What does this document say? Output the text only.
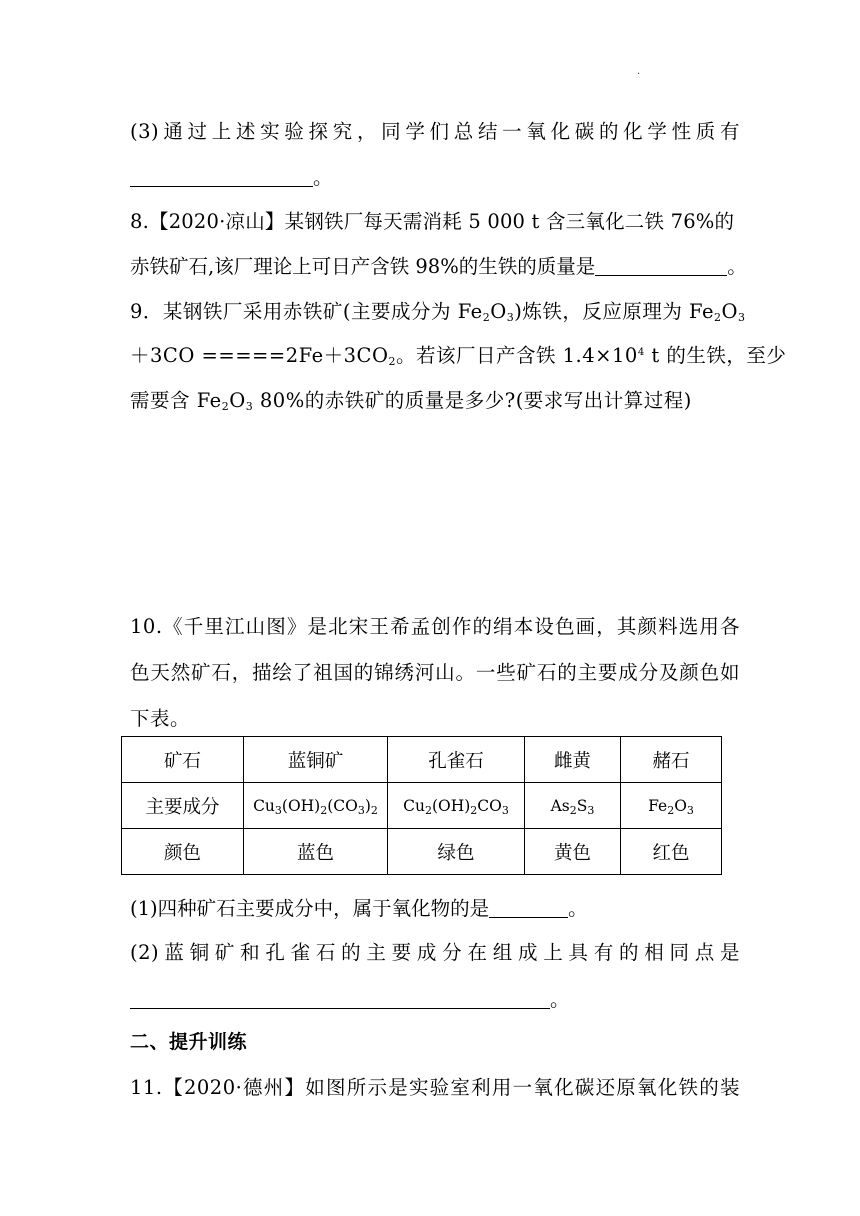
.
(3)通过上述实验探究，同学们总结一氧化碳的化学性质有
。
8.【2020·凉山】某钢铁厂每天需消耗 5 000 t 含三氧化二铁 76%的
赤铁矿石,该厂理论上可日产含铁 98%的生铁的质量是	。
9．某钢铁厂采用赤铁矿(主要成分为 $Fe_2O_3$)炼铁，反应原理为 $Fe_2O_3$
$+3CO =====2Fe+3CO_2$。若该厂日产含铁 $1.4\times 10^4$ t 的生铁，至少
需要含 $Fe_2O_3$ 80%的赤铁矿的质量是多少?(要求写出计算过程)
10.《千里江山图》是北宋王希孟创作的绢本设色画，其颜料选用各
色天然矿石，描绘了祖国的锦绣河山。一些矿石的主要成分及颜色如
下表。
矿石	蓝铜矿	孔雀石	雌黄	赭石
主要成分	$Cu_3(OH)_2(CO_3)_2$	$Cu_2(OH)_2CO_3$	$As_2S_3$	$Fe_2O_3$
颜色	蓝色	绿色	黄色	红色
(1)四种矿石主要成分中，属于氧化物的是	。
(2)蓝铜矿和孔雀石的主要成分在组成上具有的相同点是
。
二、提升训练
11.【2020·德州】如图所示是实验室利用一氧化碳还原氧化铁的装
